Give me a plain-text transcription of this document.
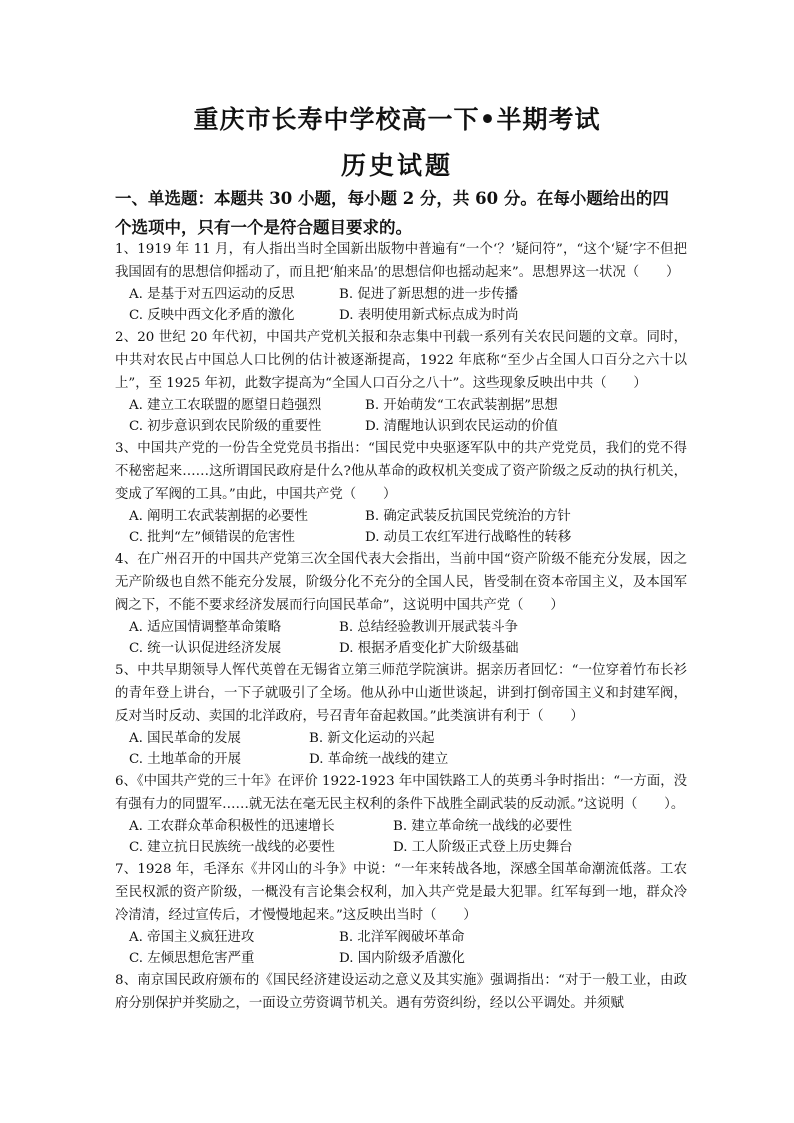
重庆市长寿中学校高一下•半期考试
历史试题
一、单选题：本题共 30 小题，每小题 2 分，共 60 分。在每小题给出的四个选项中，只有一个是符合题目要求的。
1、1919 年 11 月，有人指出当时全国新出版物中普遍有“一个‘？’疑问符”，“这个‘疑’字不但把我国固有的思想信仰摇动了，而且把‘舶来品’的思想信仰也摇动起来”。思想界这一状况（　　）
A. 是基于对五四运动的反思	B. 促进了新思想的进一步传播
C. 反映中西文化矛盾的激化	D. 表明使用新式标点成为时尚
2、20 世纪 20 年代初，中国共产党机关报和杂志集中刊载一系列有关农民问题的文章。同时，中共对农民占中国总人口比例的估计被逐渐提高，1922 年底称“至少占全国人口百分之六十以上”，至 1925 年初，此数字提高为“全国人口百分之八十”。这些现象反映出中共（　　）
A. 建立工农联盟的愿望日趋强烈	B. 开始萌发“工农武装割据”思想
C. 初步意识到农民阶级的重要性	D. 清醒地认识到农民运动的价值
3、中国共产党的一份告全党党员书指出：“国民党中央驱逐军队中的共产党党员，我们的党不得不秘密起来……这所谓国民政府是什么?他从革命的政权机关变成了资产阶级之反动的执行机关，变成了军阀的工具。”由此，中国共产党（　　）
A. 阐明工农武装割据的必要性	B. 确定武装反抗国民党统治的方针
C. 批判“左”倾错误的危害性	D. 动员工农红军进行战略性的转移
4、在广州召开的中国共产党第三次全国代表大会指出，当前中国“资产阶级不能充分发展，因之无产阶级也自然不能充分发展，阶级分化不充分的全国人民，皆受制在资本帝国主义，及本国军阀之下，不能不要求经济发展而行向国民革命”，这说明中国共产党（　　）
A. 适应国情调整革命策略	B. 总结经验教训开展武装斗争
C. 统一认识促进经济发展	D. 根据矛盾变化扩大阶级基础
5、中共早期领导人恽代英曾在无锡省立第三师范学院演讲。据亲历者回忆：“一位穿着竹布长衫的青年登上讲台，一下子就吸引了全场。他从孙中山逝世谈起，讲到打倒帝国主义和封建军阀，反对当时反动、卖国的北洋政府，号召青年奋起救国。”此类演讲有利于（　　）
A. 国民革命的发展	B. 新文化运动的兴起
C. 土地革命的开展	D. 革命统一战线的建立
6、《中国共产党的三十年》在评价 1922-1923 年中国铁路工人的英勇斗争时指出：“一方面，没有强有力的同盟军……就无法在毫无民主权利的条件下战胜全副武装的反动派。”这说明（　　）。
A. 工农群众革命积极性的迅速增长	B. 建立革命统一战线的必要性
C. 建立抗日民族统一战线的必要性	D. 工人阶级正式登上历史舞台
7、1928 年，毛泽东《井冈山的斗争》中说：“一年来转战各地，深感全国革命潮流低落。工农至民权派的资产阶级，一概没有言论集会权利，加入共产党是最大犯罪。红军每到一地，群众冷冷清清，经过宣传后，才慢慢地起来。”这反映出当时（　　）
A. 帝国主义疯狂进攻	B. 北洋军阀破坏革命
C. 左倾思想危害严重	D. 国内阶级矛盾激化
8、南京国民政府颁布的《国民经济建设运动之意义及其实施》强调指出：“对于一般工业，由政府分别保护并奖励之，一面设立劳资调节机关。遇有劳资纠纷，经以公平调处。并须赋
